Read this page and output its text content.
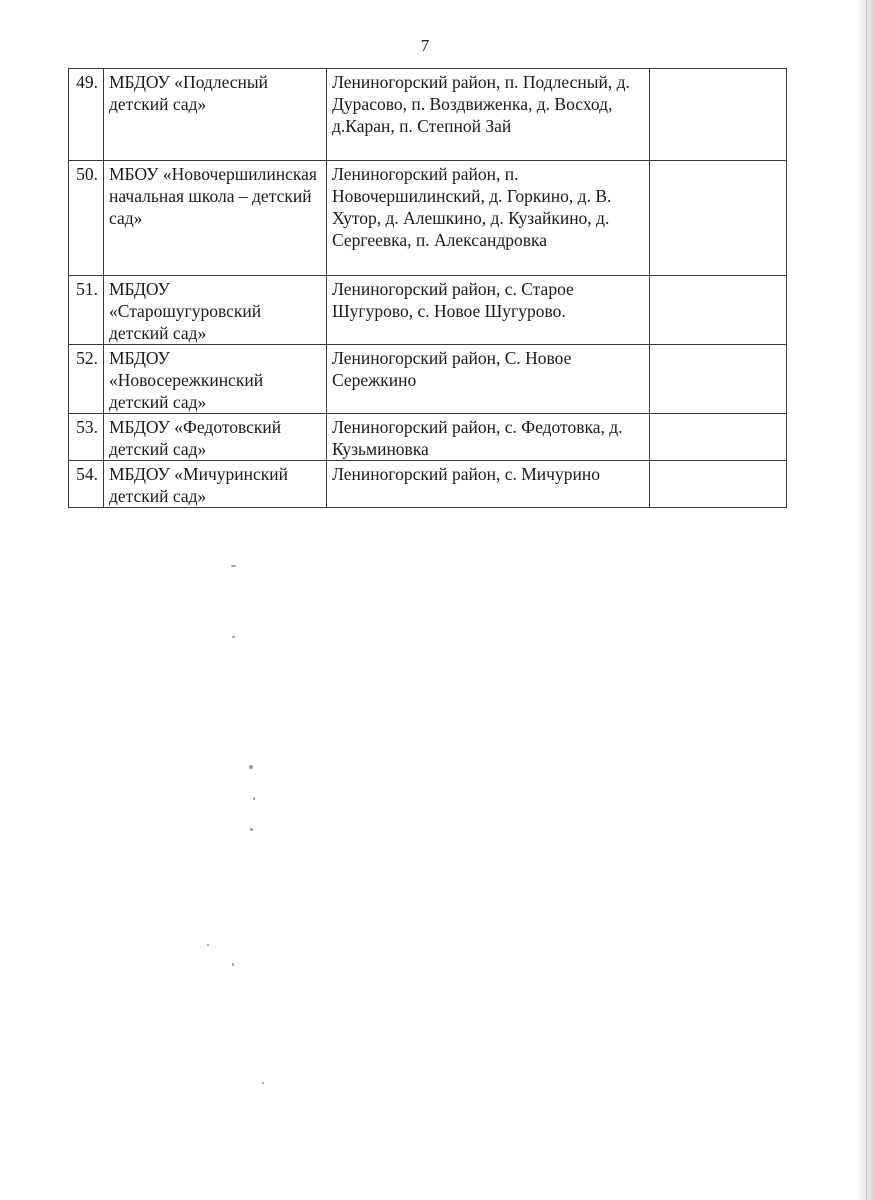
7
49.	МБДОУ «Подлесный детский сад»	Лениногорский район, п. Подлесный, д. Дурасово, п. Воздвиженка, д. Восход, д.Каран, п. Степной Зай	
50.	МБОУ «Новочершилинская начальная школа – детский сад»	Лениногорский район, п. Новочершилинский, д. Горкино, д. В. Хутор, д. Алешкино, д. Кузайкино, д. Сергеевка, п. Александровка	
51.	МБДОУ «Старошугуровский детский сад»	Лениногорский район, с. Старое Шугурово, с. Новое Шугурово.	
52.	МБДОУ «Новосережкинский детский сад»	Лениногорский район, С. Новое Сережкино	
53.	МБДОУ «Федотовский детский сад»	Лениногорский район, с. Федотовка, д. Кузьминовка	
54.	МБДОУ «Мичуринский детский сад»	Лениногорский район, с. Мичурино	
